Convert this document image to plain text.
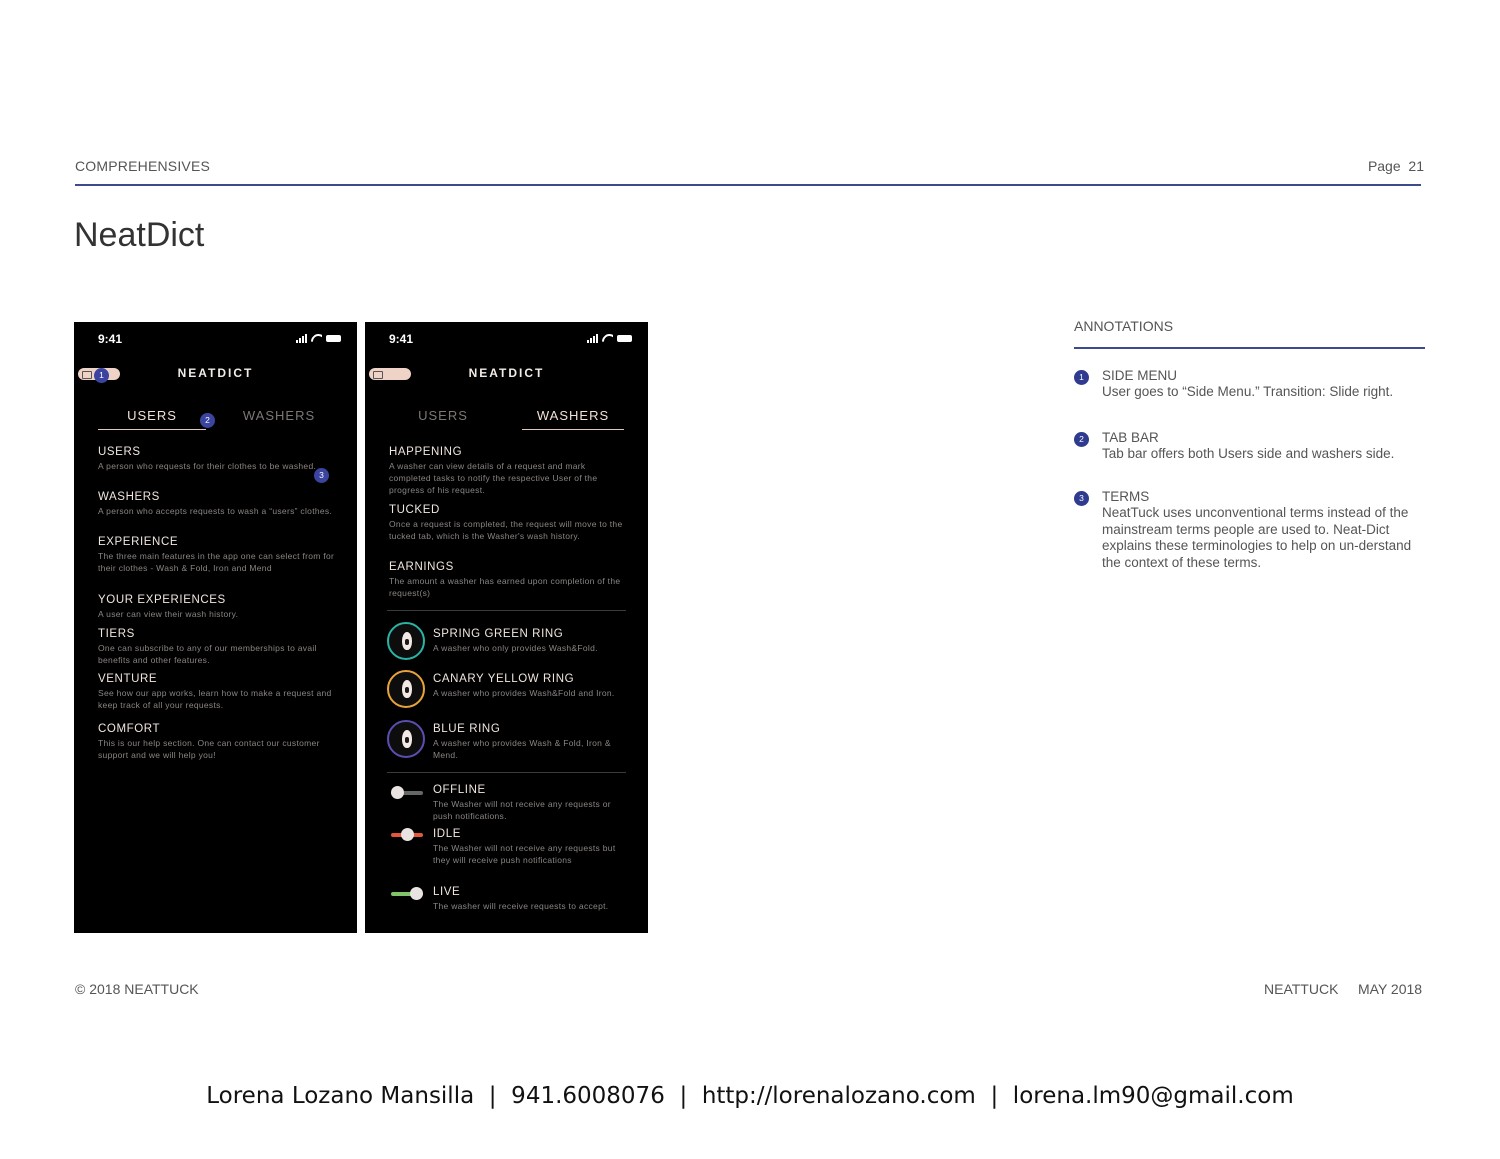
COMPREHENSIVES	Page 21
NeatDict
9:41
1	NEATDICT
USERS	WASHERS
2
3
USERS
A person who requests for their clothes to be washed.
WASHERS
A person who accepts requests to wash a “users” clothes.
EXPERIENCE
The three main features in the app one can select from for their clothes - Wash & Fold, Iron and Mend
YOUR EXPERIENCES
A user can view their wash history.
TIERS
One can subscribe to any of our memberships to avail benefits and other features.
VENTURE
See how our app works, learn how to make a request and keep track of all your requests.
COMFORT
This is our help section. One can contact our customer support and we will help you!
9:41
NEATDICT
USERS	WASHERS
HAPPENING
A washer can view details of a request and mark completed tasks to notify the respective User of the progress of his request.
TUCKED
Once a request is completed, the request will move to the tucked tab, which is the Washer's wash history.
EARNINGS
The amount a washer has earned upon completion of the request(s)
SPRING GREEN RING
A washer who only provides Wash&Fold.
CANARY YELLOW RING
A washer who provides Wash&Fold and Iron.
BLUE RING
A washer who provides Wash & Fold, Iron & Mend.
OFFLINE
The Washer will not receive any requests or push notifications.
IDLE
The Washer will not receive any requests but they will receive push notifications
LIVE
The washer will receive requests to accept.
ANNOTATIONS
1	SIDE MENU
User goes to “Side Menu.” Transition: Slide right.
2	TAB BAR
Tab bar offers both Users side and washers side.
3	TERMS
NeatTuck uses unconventional terms instead of the mainstream terms people are used to. Neat-Dict explains these terminologies to help on un-derstand the context of these terms.
© 2018 NEATTUCK	NEATTUCK MAY 2018
Lorena Lozano Mansilla  |  941.6008076  |  http://lorenalozano.com  |  lorena.lm90@gmail.com
